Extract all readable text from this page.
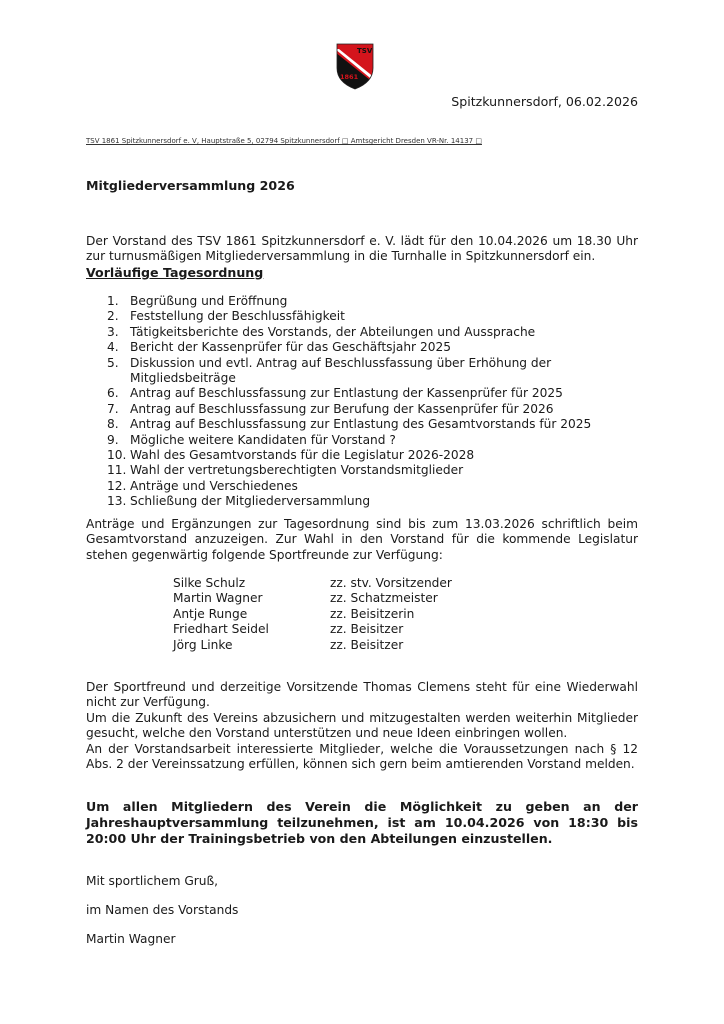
TSV
1861
Spitzkunnersdorf, 06.02.2026
TSV 1861 Spitzkunnersdorf e. V, Hauptstraße 5, 02794 Spitzkunnersdorf □ Amtsgericht Dresden VR-Nr. 14137 □
Mitgliederversammlung 2026
Der Vorstand des TSV 1861 Spitzkunnersdorf e. V. lädt für den 10.04.2026 um 18.30 Uhr zur turnusmäßigen Mitgliederversammlung in die Turnhalle in Spitzkunnersdorf ein.
Vorläufige Tagesordnung
1. Begrüßung und Eröffnung
2. Feststellung der Beschlussfähigkeit
3. Tätigkeitsberichte des Vorstands, der Abteilungen und Aussprache
4. Bericht der Kassenprüfer für das Geschäftsjahr 2025
5. Diskussion und evtl. Antrag auf Beschlussfassung über Erhöhung der Mitgliedsbeiträge
6. Antrag auf Beschlussfassung zur Entlastung der Kassenprüfer für 2025
7. Antrag auf Beschlussfassung zur Berufung der Kassenprüfer für 2026
8. Antrag auf Beschlussfassung zur Entlastung des Gesamtvorstands für 2025
9. Mögliche weitere Kandidaten für Vorstand ?
10. Wahl des Gesamtvorstands für die Legislatur 2026-2028
11. Wahl der vertretungsberechtigten Vorstandsmitglieder
12. Anträge und Verschiedenes
13. Schließung der Mitgliederversammlung
Anträge und Ergänzungen zur Tagesordnung sind bis zum 13.03.2026 schriftlich beim Gesamtvorstand anzuzeigen. Zur Wahl in den Vorstand für die kommende Legislatur stehen gegenwärtig folgende Sportfreunde zur Verfügung:
Silke Schulz	zz. stv. Vorsitzender
Martin Wagner	zz. Schatzmeister
Antje Runge	zz. Beisitzerin
Friedhart Seidel	zz. Beisitzer
Jörg Linke	zz. Beisitzer
Der Sportfreund und derzeitige Vorsitzende Thomas Clemens steht für eine Wiederwahl nicht zur Verfügung.
Um die Zukunft des Vereins abzusichern und mitzugestalten werden weiterhin Mitglieder gesucht, welche den Vorstand unterstützen und neue Ideen einbringen wollen.
An der Vorstandsarbeit interessierte Mitglieder, welche die Voraussetzungen nach § 12 Abs. 2 der Vereinssatzung erfüllen, können sich gern beim amtierenden Vorstand melden.
Um allen Mitgliedern des Verein die Möglichkeit zu geben an der Jahreshauptversammlung teilzunehmen, ist am 10.04.2026 von 18:30 bis 20:00 Uhr der Trainingsbetrieb von den Abteilungen einzustellen.
Mit sportlichem Gruß,
im Namen des Vorstands
Martin Wagner
